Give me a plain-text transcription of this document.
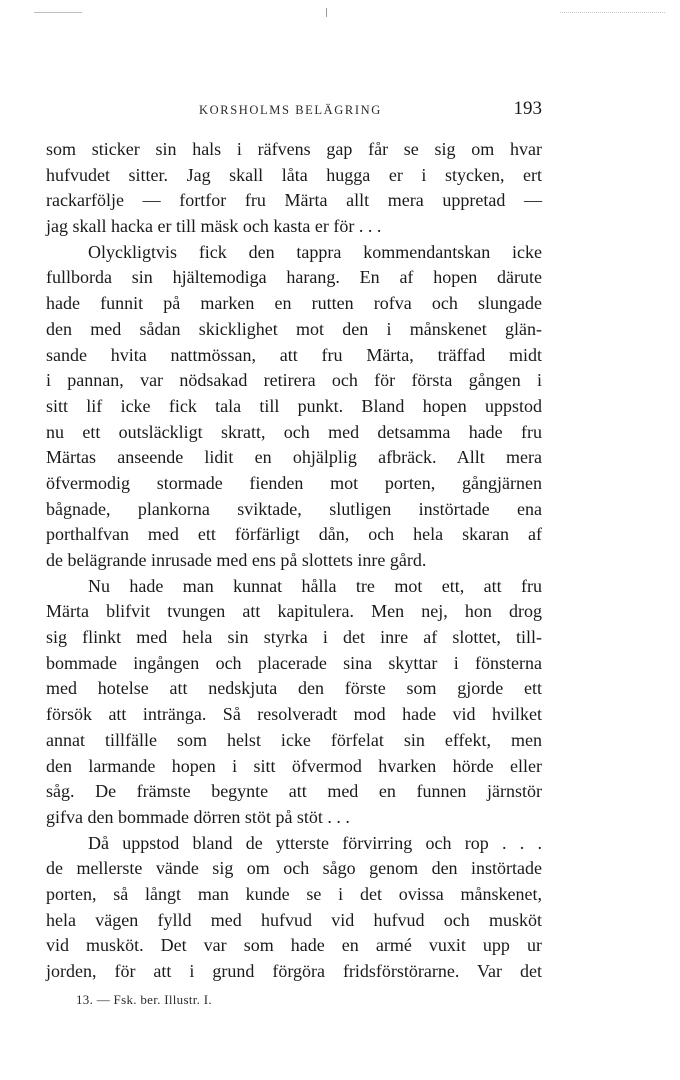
KORSHOLMS BELÄGRING	193
som sticker sin hals i räfvens gap får se sig om hvar
hufvudet sitter. Jag skall låta hugga er i stycken, ert
rackarfölje — fortfor fru Märta allt mera uppretad —
jag skall hacka er till mäsk och kasta er för . . .
Olyckligtvis fick den tappra kommendantskan icke
fullborda sin hjältemodiga harang. En af hopen därute
hade funnit på marken en rutten rofva och slungade
den med sådan skicklighet mot den i månskenet glän-
sande hvita nattmössan, att fru Märta, träffad midt
i pannan, var nödsakad retirera och för första gången i
sitt lif icke fick tala till punkt. Bland hopen uppstod
nu ett outsläckligt skratt, och med detsamma hade fru
Märtas anseende lidit en ohjälplig afbräck. Allt mera
öfvermodig stormade fienden mot porten, gångjärnen
bågnade, plankorna sviktade, slutligen instörtade ena
porthalfvan med ett förfärligt dån, och hela skaran af
de belägrande inrusade med ens på slottets inre gård.
Nu hade man kunnat hålla tre mot ett, att fru
Märta blifvit tvungen att kapitulera. Men nej, hon drog
sig flinkt med hela sin styrka i det inre af slottet, till-
bommade ingången och placerade sina skyttar i fönsterna
med hotelse att nedskjuta den förste som gjorde ett
försök att inträngа. Så resolveradt mod hade vid hvilket
annat tillfälle som helst icke förfelat sin effekt, men
den larmande hopen i sitt öfvermod hvarken hörde eller
såg. De främste begynte att med en funnen järnstör
gifva den bommade dörren stöt på stöt . . .
Då uppstod bland de ytterste förvirring och rop . . .
de mellerste vände sig om och sågo genom den instörtade
porten, så långt man kunde se i det ovissa månskenet,
hela vägen fylld med hufvud vid hufvud och musköt
vid musköt. Det var som hade en armé vuxit upp ur
jorden, för att i grund förgöra fridsförstörarne. Var det
13. — Fsk. ber. Illustr. I.
